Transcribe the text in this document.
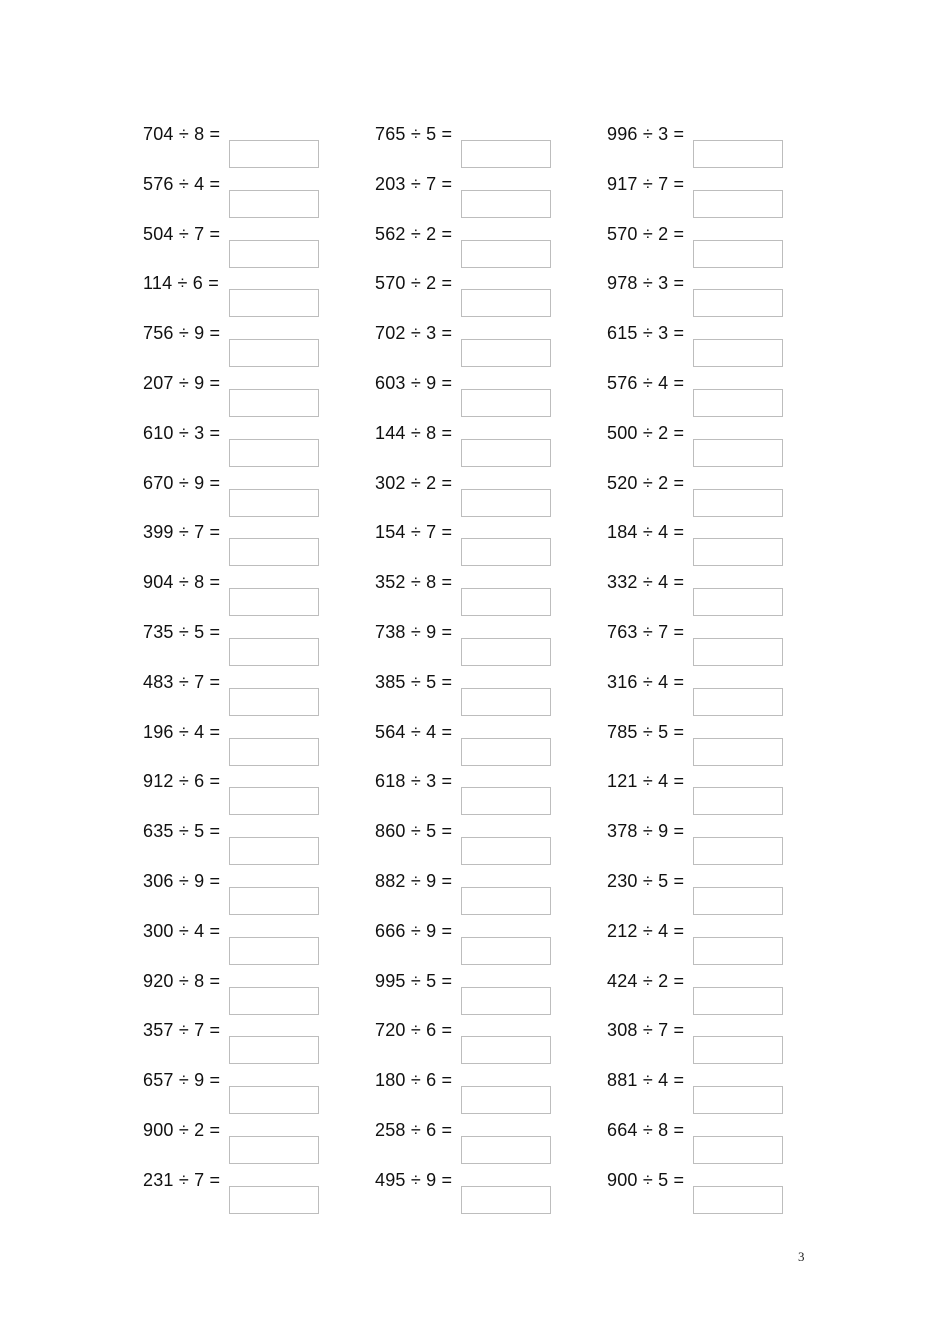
704 ÷ 8 =
576 ÷ 4 =
504 ÷ 7 =
114 ÷ 6 =
756 ÷ 9 =
207 ÷ 9 =
610 ÷ 3 =
670 ÷ 9 =
399 ÷ 7 =
904 ÷ 8 =
735 ÷ 5 =
483 ÷ 7 =
196 ÷ 4 =
912 ÷ 6 =
635 ÷ 5 =
306 ÷ 9 =
300 ÷ 4 =
920 ÷ 8 =
357 ÷ 7 =
657 ÷ 9 =
900 ÷ 2 =
231 ÷ 7 =
765 ÷ 5 =
203 ÷ 7 =
562 ÷ 2 =
570 ÷ 2 =
702 ÷ 3 =
603 ÷ 9 =
144 ÷ 8 =
302 ÷ 2 =
154 ÷ 7 =
352 ÷ 8 =
738 ÷ 9 =
385 ÷ 5 =
564 ÷ 4 =
618 ÷ 3 =
860 ÷ 5 =
882 ÷ 9 =
666 ÷ 9 =
995 ÷ 5 =
720 ÷ 6 =
180 ÷ 6 =
258 ÷ 6 =
495 ÷ 9 =
996 ÷ 3 =
917 ÷ 7 =
570 ÷ 2 =
978 ÷ 3 =
615 ÷ 3 =
576 ÷ 4 =
500 ÷ 2 =
520 ÷ 2 =
184 ÷ 4 =
332 ÷ 4 =
763 ÷ 7 =
316 ÷ 4 =
785 ÷ 5 =
121 ÷ 4 =
378 ÷ 9 =
230 ÷ 5 =
212 ÷ 4 =
424 ÷ 2 =
308 ÷ 7 =
881 ÷ 4 =
664 ÷ 8 =
900 ÷ 5 =
3
